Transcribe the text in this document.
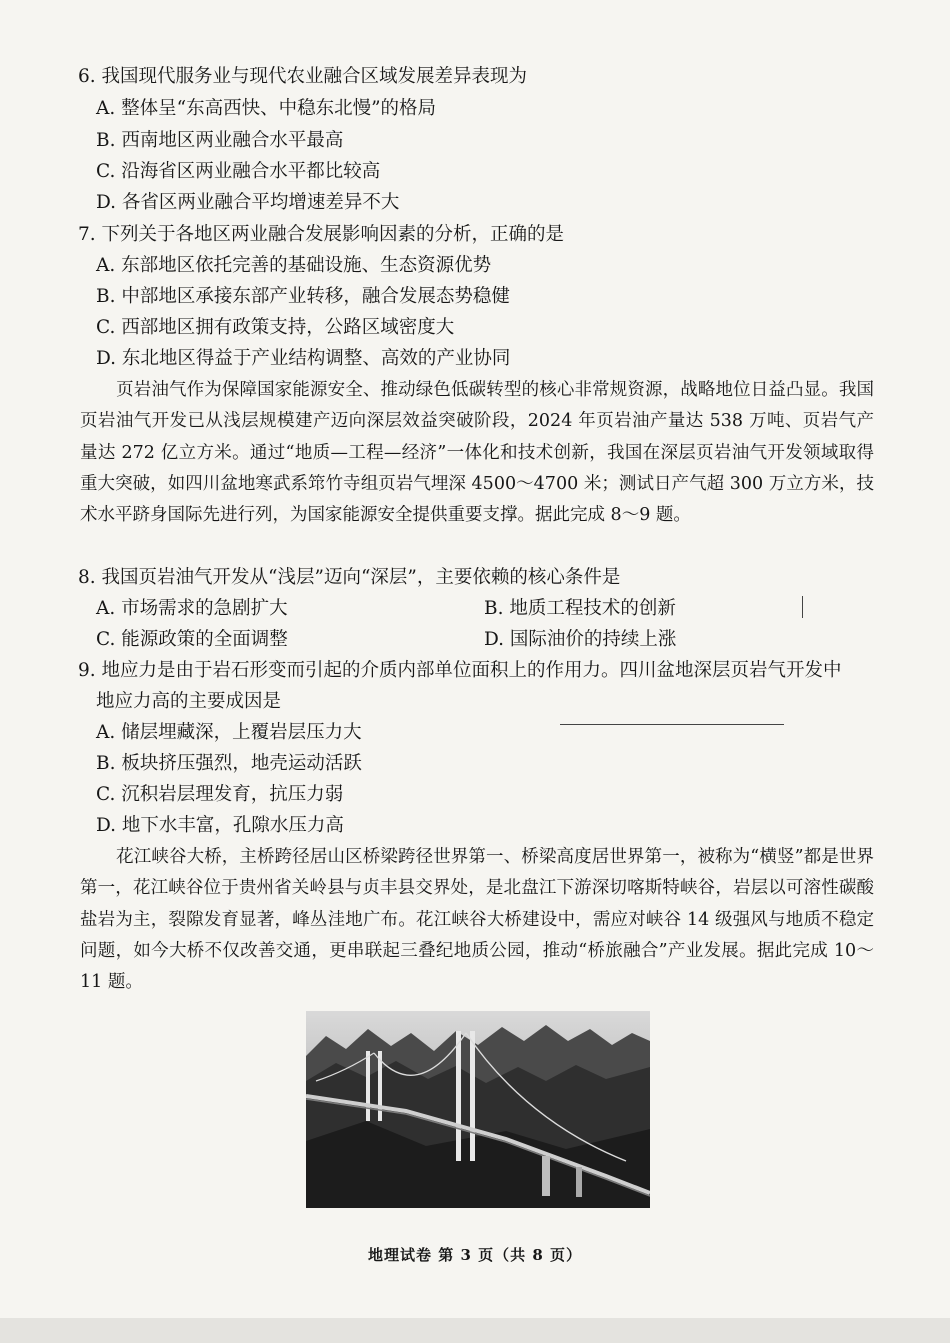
6. 我国现代服务业与现代农业融合区域发展差异表现为
A. 整体呈“东高西快、中稳东北慢”的格局
B. 西南地区两业融合水平最高
C. 沿海省区两业融合水平都比较高
D. 各省区两业融合平均增速差异不大
7. 下列关于各地区两业融合发展影响因素的分析，正确的是
A. 东部地区依托完善的基础设施、生态资源优势
B. 中部地区承接东部产业转移，融合发展态势稳健
C. 西部地区拥有政策支持，公路区域密度大
D. 东北地区得益于产业结构调整、高效的产业协同
页岩油气作为保障国家能源安全、推动绿色低碳转型的核心非常规资源，战略地位日益凸显。我国页岩油气开发已从浅层规模建产迈向深层效益突破阶段，2024 年页岩油产量达 538 万吨、页岩气产量达 272 亿立方米。通过“地质—工程—经济”一体化和技术创新，我国在深层页岩油气开发领域取得重大突破，如四川盆地寒武系筇竹寺组页岩气埋深 4500～4700 米；测试日产气超 300 万立方米，技术水平跻身国际先进行列，为国家能源安全提供重要支撑。据此完成 8～9 题。
8. 我国页岩油气开发从“浅层”迈向“深层”，主要依赖的核心条件是
A. 市场需求的急剧扩大	B. 地质工程技术的创新
C. 能源政策的全面调整	D. 国际油价的持续上涨
9. 地应力是由于岩石形变而引起的介质内部单位面积上的作用力。四川盆地深层页岩气开发中
地应力高的主要成因是
A. 储层埋藏深，上覆岩层压力大
B. 板块挤压强烈，地壳运动活跃
C. 沉积岩层理发育，抗压力弱
D. 地下水丰富，孔隙水压力高
花江峡谷大桥，主桥跨径居山区桥梁跨径世界第一、桥梁高度居世界第一，被称为“横竖”都是世界第一，花江峡谷位于贵州省关岭县与贞丰县交界处，是北盘江下游深切喀斯特峡谷，岩层以可溶性碳酸盐岩为主，裂隙发育显著，峰丛洼地广布。花江峡谷大桥建设中，需应对峡谷 14 级强风与地质不稳定问题，如今大桥不仅改善交通，更串联起三叠纪地质公园，推动“桥旅融合”产业发展。据此完成 10～11 题。
地理试卷 第 3 页（共 8 页）
